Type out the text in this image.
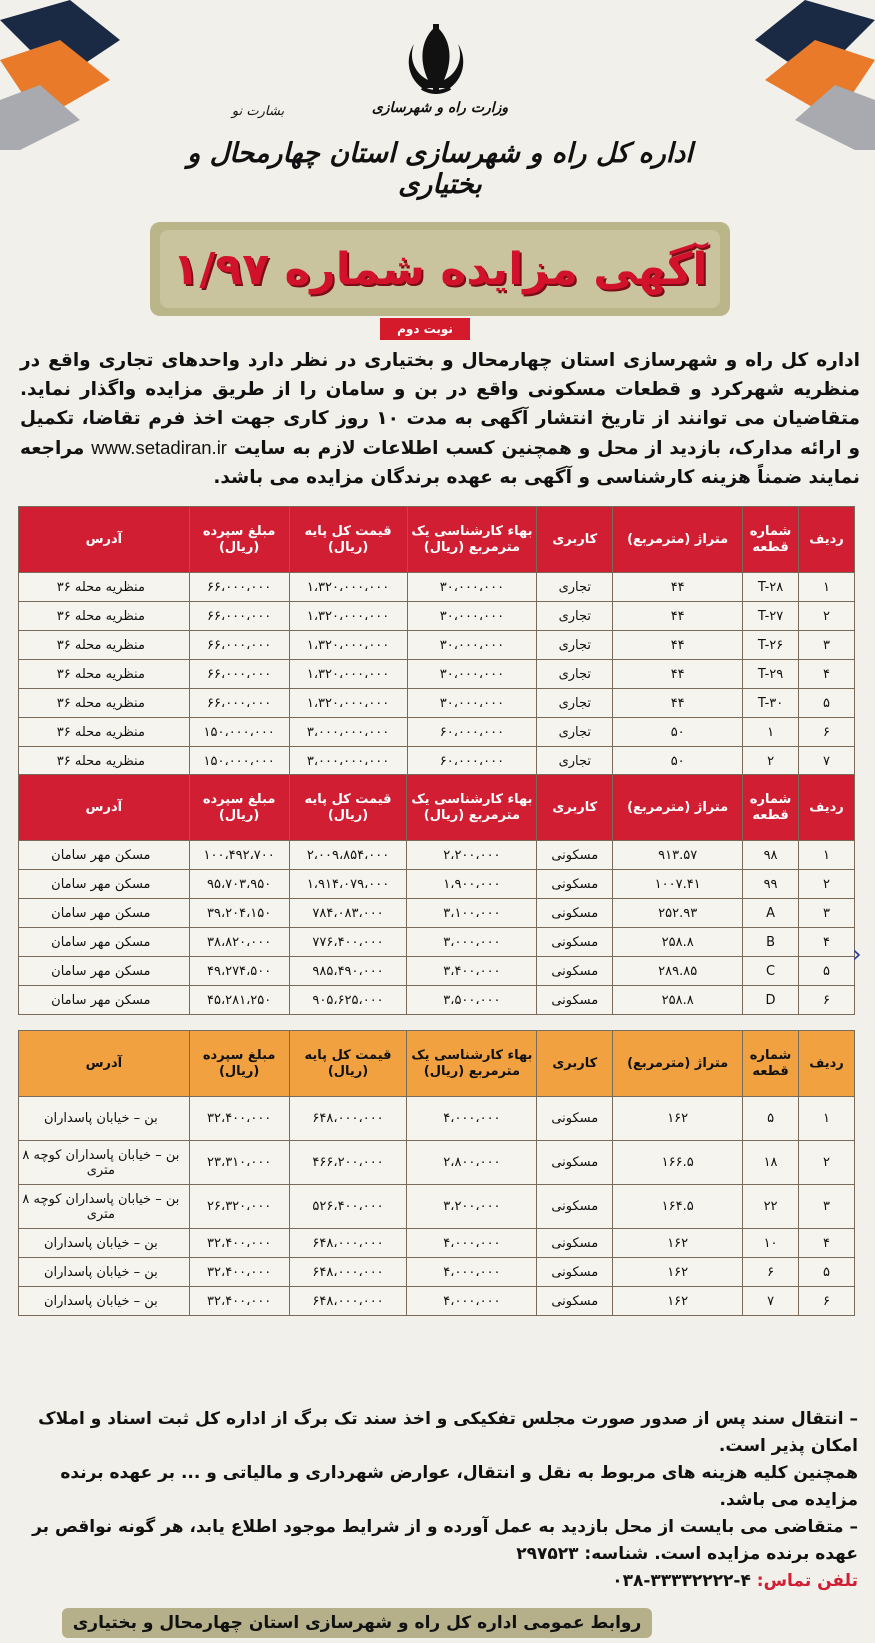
وزارت راه و شهرسازی
بشارت نو
اداره کل راه و شهرسازی استان چهارمحال و بختیاری
آگهی مزایده شماره ۱/۹۷
نوبت دوم
اداره کل راه و شهرسازی استان چهارمحال و بختیاری در نظر دارد واحدهای تجاری واقع در منظریه شهرکرد و قطعات مسکونی واقع در بن و سامان را از طریق مزایده واگذار نماید. متقاضیان می توانند از تاریخ انتشار آگهی به مدت ۱۰ روز کاری جهت اخذ فرم تقاضا، تکمیل و ارائه مدارک، بازدید از محل و همچنین کسب اطلاعات لازم به سایت www.setadiran.ir مراجعه نمایند ضمناً هزینه کارشناسی و آگهی به عهده برندگان مزایده می باشد.
ردیف	شماره قطعه	متراژ (مترمربع)	کاربری	بهاء کارشناسی یک مترمربع (ریال)	قیمت کل پایه (ریال)	مبلغ سپرده (ریال)	آدرس
۱	T-۲۸	۴۴	تجاری	۳۰،۰۰۰،۰۰۰	۱،۳۲۰،۰۰۰،۰۰۰	۶۶،۰۰۰،۰۰۰	منظریه محله ۳۶
۲	T-۲۷	۴۴	تجاری	۳۰،۰۰۰،۰۰۰	۱،۳۲۰،۰۰۰،۰۰۰	۶۶،۰۰۰،۰۰۰	منظریه محله ۳۶
۳	T-۲۶	۴۴	تجاری	۳۰،۰۰۰،۰۰۰	۱،۳۲۰،۰۰۰،۰۰۰	۶۶،۰۰۰،۰۰۰	منظریه محله ۳۶
۴	T-۲۹	۴۴	تجاری	۳۰،۰۰۰،۰۰۰	۱،۳۲۰،۰۰۰،۰۰۰	۶۶،۰۰۰،۰۰۰	منظریه محله ۳۶
۵	T-۳۰	۴۴	تجاری	۳۰،۰۰۰،۰۰۰	۱،۳۲۰،۰۰۰،۰۰۰	۶۶،۰۰۰،۰۰۰	منظریه محله ۳۶
۶	۱	۵۰	تجاری	۶۰،۰۰۰،۰۰۰	۳،۰۰۰،۰۰۰،۰۰۰	۱۵۰،۰۰۰،۰۰۰	منظریه محله ۳۶
۷	۲	۵۰	تجاری	۶۰،۰۰۰،۰۰۰	۳،۰۰۰،۰۰۰،۰۰۰	۱۵۰،۰۰۰،۰۰۰	منظریه محله ۳۶
ردیف	شماره قطعه	متراژ (مترمربع)	کاربری	بهاء کارشناسی یک مترمربع (ریال)	قیمت کل پایه (ریال)	مبلغ سپرده (ریال)	آدرس
۱	۹۸	۹۱۳.۵۷	مسکونی	۲،۲۰۰،۰۰۰	۲،۰۰۹،۸۵۴،۰۰۰	۱۰۰،۴۹۲،۷۰۰	مسکن مهر سامان
۲	۹۹	۱۰۰۷.۴۱	مسکونی	۱،۹۰۰،۰۰۰	۱،۹۱۴،۰۷۹،۰۰۰	۹۵،۷۰۳،۹۵۰	مسکن مهر سامان
۳	A	۲۵۲.۹۳	مسکونی	۳،۱۰۰،۰۰۰	۷۸۴،۰۸۳،۰۰۰	۳۹،۲۰۴،۱۵۰	مسکن مهر سامان
۴	B	۲۵۸.۸	مسکونی	۳،۰۰۰،۰۰۰	۷۷۶،۴۰۰،۰۰۰	۳۸،۸۲۰،۰۰۰	مسکن مهر سامان
۵	C	۲۸۹.۸۵	مسکونی	۳،۴۰۰،۰۰۰	۹۸۵،۴۹۰،۰۰۰	۴۹،۲۷۴،۵۰۰	مسکن مهر سامان
۶	D	۲۵۸.۸	مسکونی	۳،۵۰۰،۰۰۰	۹۰۵،۶۲۵،۰۰۰	۴۵،۲۸۱،۲۵۰	مسکن مهر سامان
ردیف	شماره قطعه	متراژ (مترمربع)	کاربری	بهاء کارشناسی یک مترمربع (ریال)	قیمت کل پایه (ریال)	مبلغ سپرده (ریال)	آدرس
۱	۵	۱۶۲	مسکونی	۴،۰۰۰،۰۰۰	۶۴۸،۰۰۰،۰۰۰	۳۲،۴۰۰،۰۰۰	بن – خیابان پاسداران
۲	۱۸	۱۶۶.۵	مسکونی	۲،۸۰۰،۰۰۰	۴۶۶،۲۰۰،۰۰۰	۲۳،۳۱۰،۰۰۰	بن – خیابان پاسداران کوچه ۸ متری
۳	۲۲	۱۶۴.۵	مسکونی	۳،۲۰۰،۰۰۰	۵۲۶،۴۰۰،۰۰۰	۲۶،۳۲۰،۰۰۰	بن – خیابان پاسداران کوچه ۸ متری
۴	۱۰	۱۶۲	مسکونی	۴،۰۰۰،۰۰۰	۶۴۸،۰۰۰،۰۰۰	۳۲،۴۰۰،۰۰۰	بن – خیابان پاسداران
۵	۶	۱۶۲	مسکونی	۴،۰۰۰،۰۰۰	۶۴۸،۰۰۰،۰۰۰	۳۲،۴۰۰،۰۰۰	بن – خیابان پاسداران
۶	۷	۱۶۲	مسکونی	۴،۰۰۰،۰۰۰	۶۴۸،۰۰۰،۰۰۰	۳۲،۴۰۰،۰۰۰	بن – خیابان پاسداران
‹

– انتقال سند پس از صدور صورت مجلس تفکیکی و اخذ سند تک برگ از اداره کل ثبت اسناد و املاک امکان پذیر است.

همچنین کلیه هزینه های مربوط به نقل و انتقال، عوارض شهرداری و مالیاتی و ... بر عهده برنده مزایده می باشد.

– متقاضی می بایست از محل بازدید به عمل آورده و از شرایط موجود اطلاع یابد، هر گونه نواقص بر عهده برنده مزایده است. شناسه: ۲۹۷۵۲۳

تلفن تماس: ۴-۳۳۳۳۲۲۲۲-۰۳۸

روابط عمومی اداره کل راه و شهرسازی استان چهارمحال و بختیاری
